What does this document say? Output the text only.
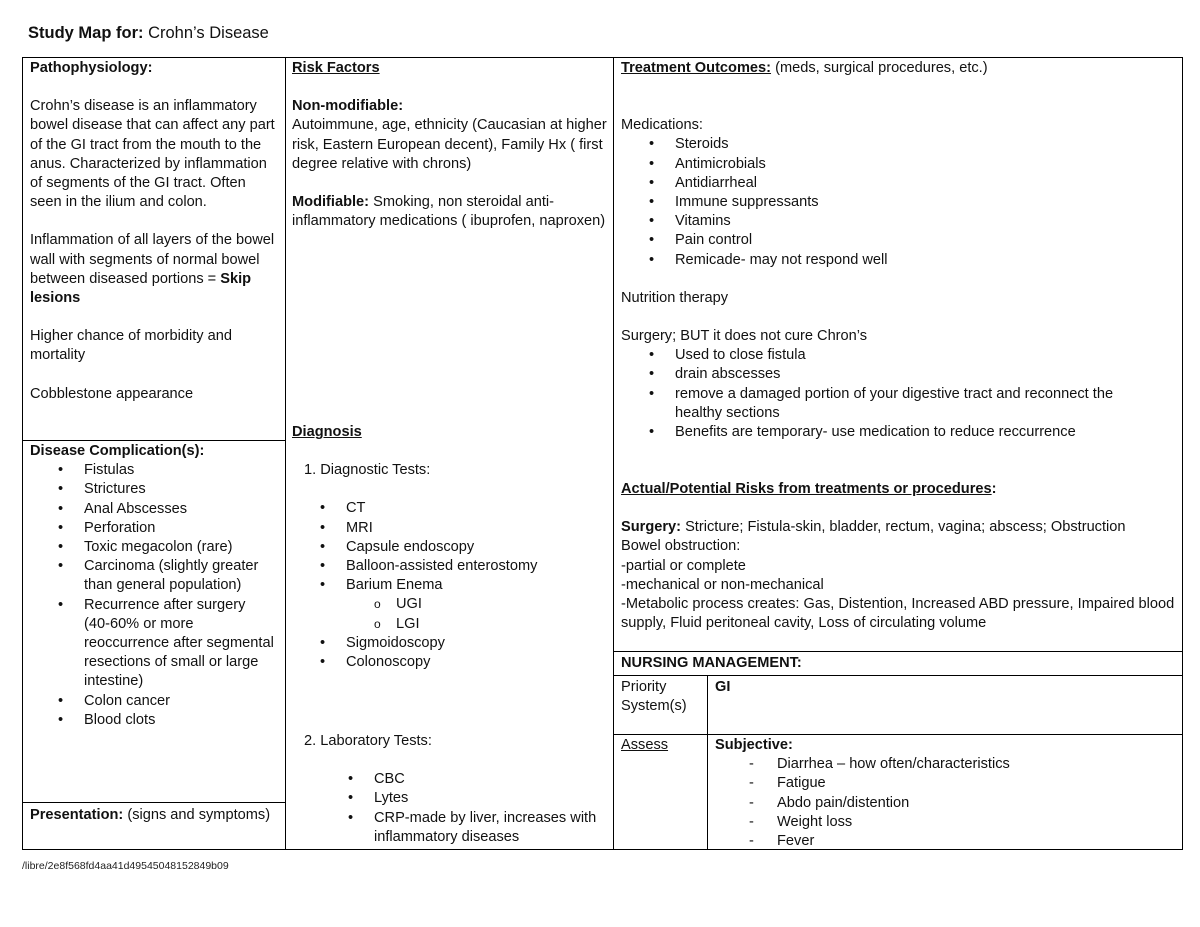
Study Map for: Crohn’s Disease

Pathophysiology:

Crohn’s disease is an inflammatory bowel disease that can affect any part of the GI tract from the mouth to the anus. Characterized by inflammation of segments of the GI tract. Often seen in the ilium and colon.

Inflammation of all layers of the bowel wall with segments of normal bowel between diseased portions = Skip lesions

Higher chance of morbidity and mortality

Cobblestone appearance

Disease Complication(s):

• Fistulas
• Strictures
• Anal Abscesses
• Perforation
• Toxic megacolon (rare)
• Carcinoma (slightly greater than general population)
• Recurrence after surgery (40-60% or more reoccurrence after segmental resections of small or large intestine)
• Colon cancer
• Blood clots

Presentation: (signs and symptoms)

Risk Factors

Non-modifiable:

Autoimmune, age, ethnicity (Caucasian at higher risk, Eastern European decent), Family Hx ( first degree relative with chrons)

Modifiable: Smoking, non steroidal anti-inflammatory medications ( ibuprofen, naproxen)

Diagnosis

1. Diagnostic Tests:

• CT
• MRI
• Capsule endoscopy
• Balloon-assisted enterostomy
• Barium Enema
o UGI
o LGI
• Sigmoidoscopy
• Colonoscopy

2. Laboratory Tests:

• CBC
• Lytes
• CRP-made by liver, increases with inflammatory diseases

Treatment Outcomes: (meds, surgical procedures, etc.)

Medications:

• Steroids
• Antimicrobials
• Antidiarrheal
• Immune suppressants
• Vitamins
• Pain control
• Remicade- may not respond well

Nutrition therapy

Surgery; BUT it does not cure Chron’s

• Used to close fistula
• drain abscesses
• remove a damaged portion of your digestive tract and reconnect the healthy sections
• Benefits are temporary- use medication to reduce reccurrence

Actual/Potential Risks from treatments or procedures:

Surgery: Stricture; Fistula-skin, bladder, rectum, vagina; abscess; Obstruction

Bowel obstruction:

-partial or complete

-mechanical or non-mechanical

-Metabolic process creates: Gas, Distention, Increased ABD pressure, Impaired blood supply, Fluid peritoneal cavity, Loss of circulating volume

NURSING MANAGEMENT:
Priority System(s)
GI
Assess	Subjective:

- Diarrhea – how often/characteristics
- Fatigue
- Abdo pain/distention
- Weight loss
- Fever
/libre/2e8f568fd4aa41d49545048152849b09
